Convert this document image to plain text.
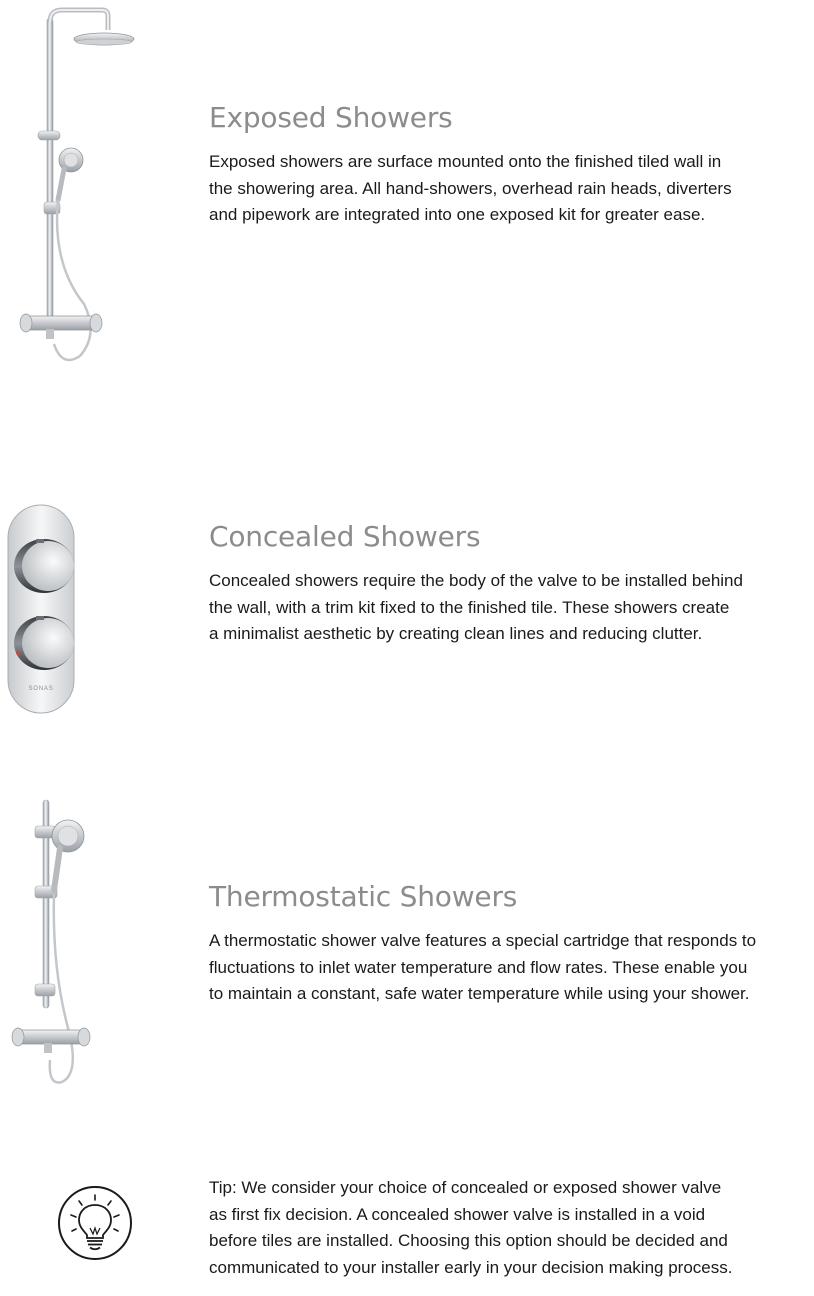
Exposed Showers

Exposed showers are surface mounted onto the finished tiled wall in
the showering area. All hand-showers, overhead rain heads, diverters
and pipework are integrated into one exposed kit for greater ease.

SONAS
Concealed Showers

Concealed showers require the body of the valve to be installed behind
the wall, with a trim kit fixed to the finished tile. These showers create
a minimalist aesthetic by creating clean lines and reducing clutter.

Thermostatic Showers

A thermostatic shower valve features a special cartridge that responds to
fluctuations to inlet water temperature and flow rates. These enable you
to maintain a constant, safe water temperature while using your shower.

Tip: We consider your choice of concealed or exposed shower valve
as first fix decision. A concealed shower valve is installed in a void
before tiles are installed. Choosing this option should be decided and
communicated to your installer early in your decision making process.
